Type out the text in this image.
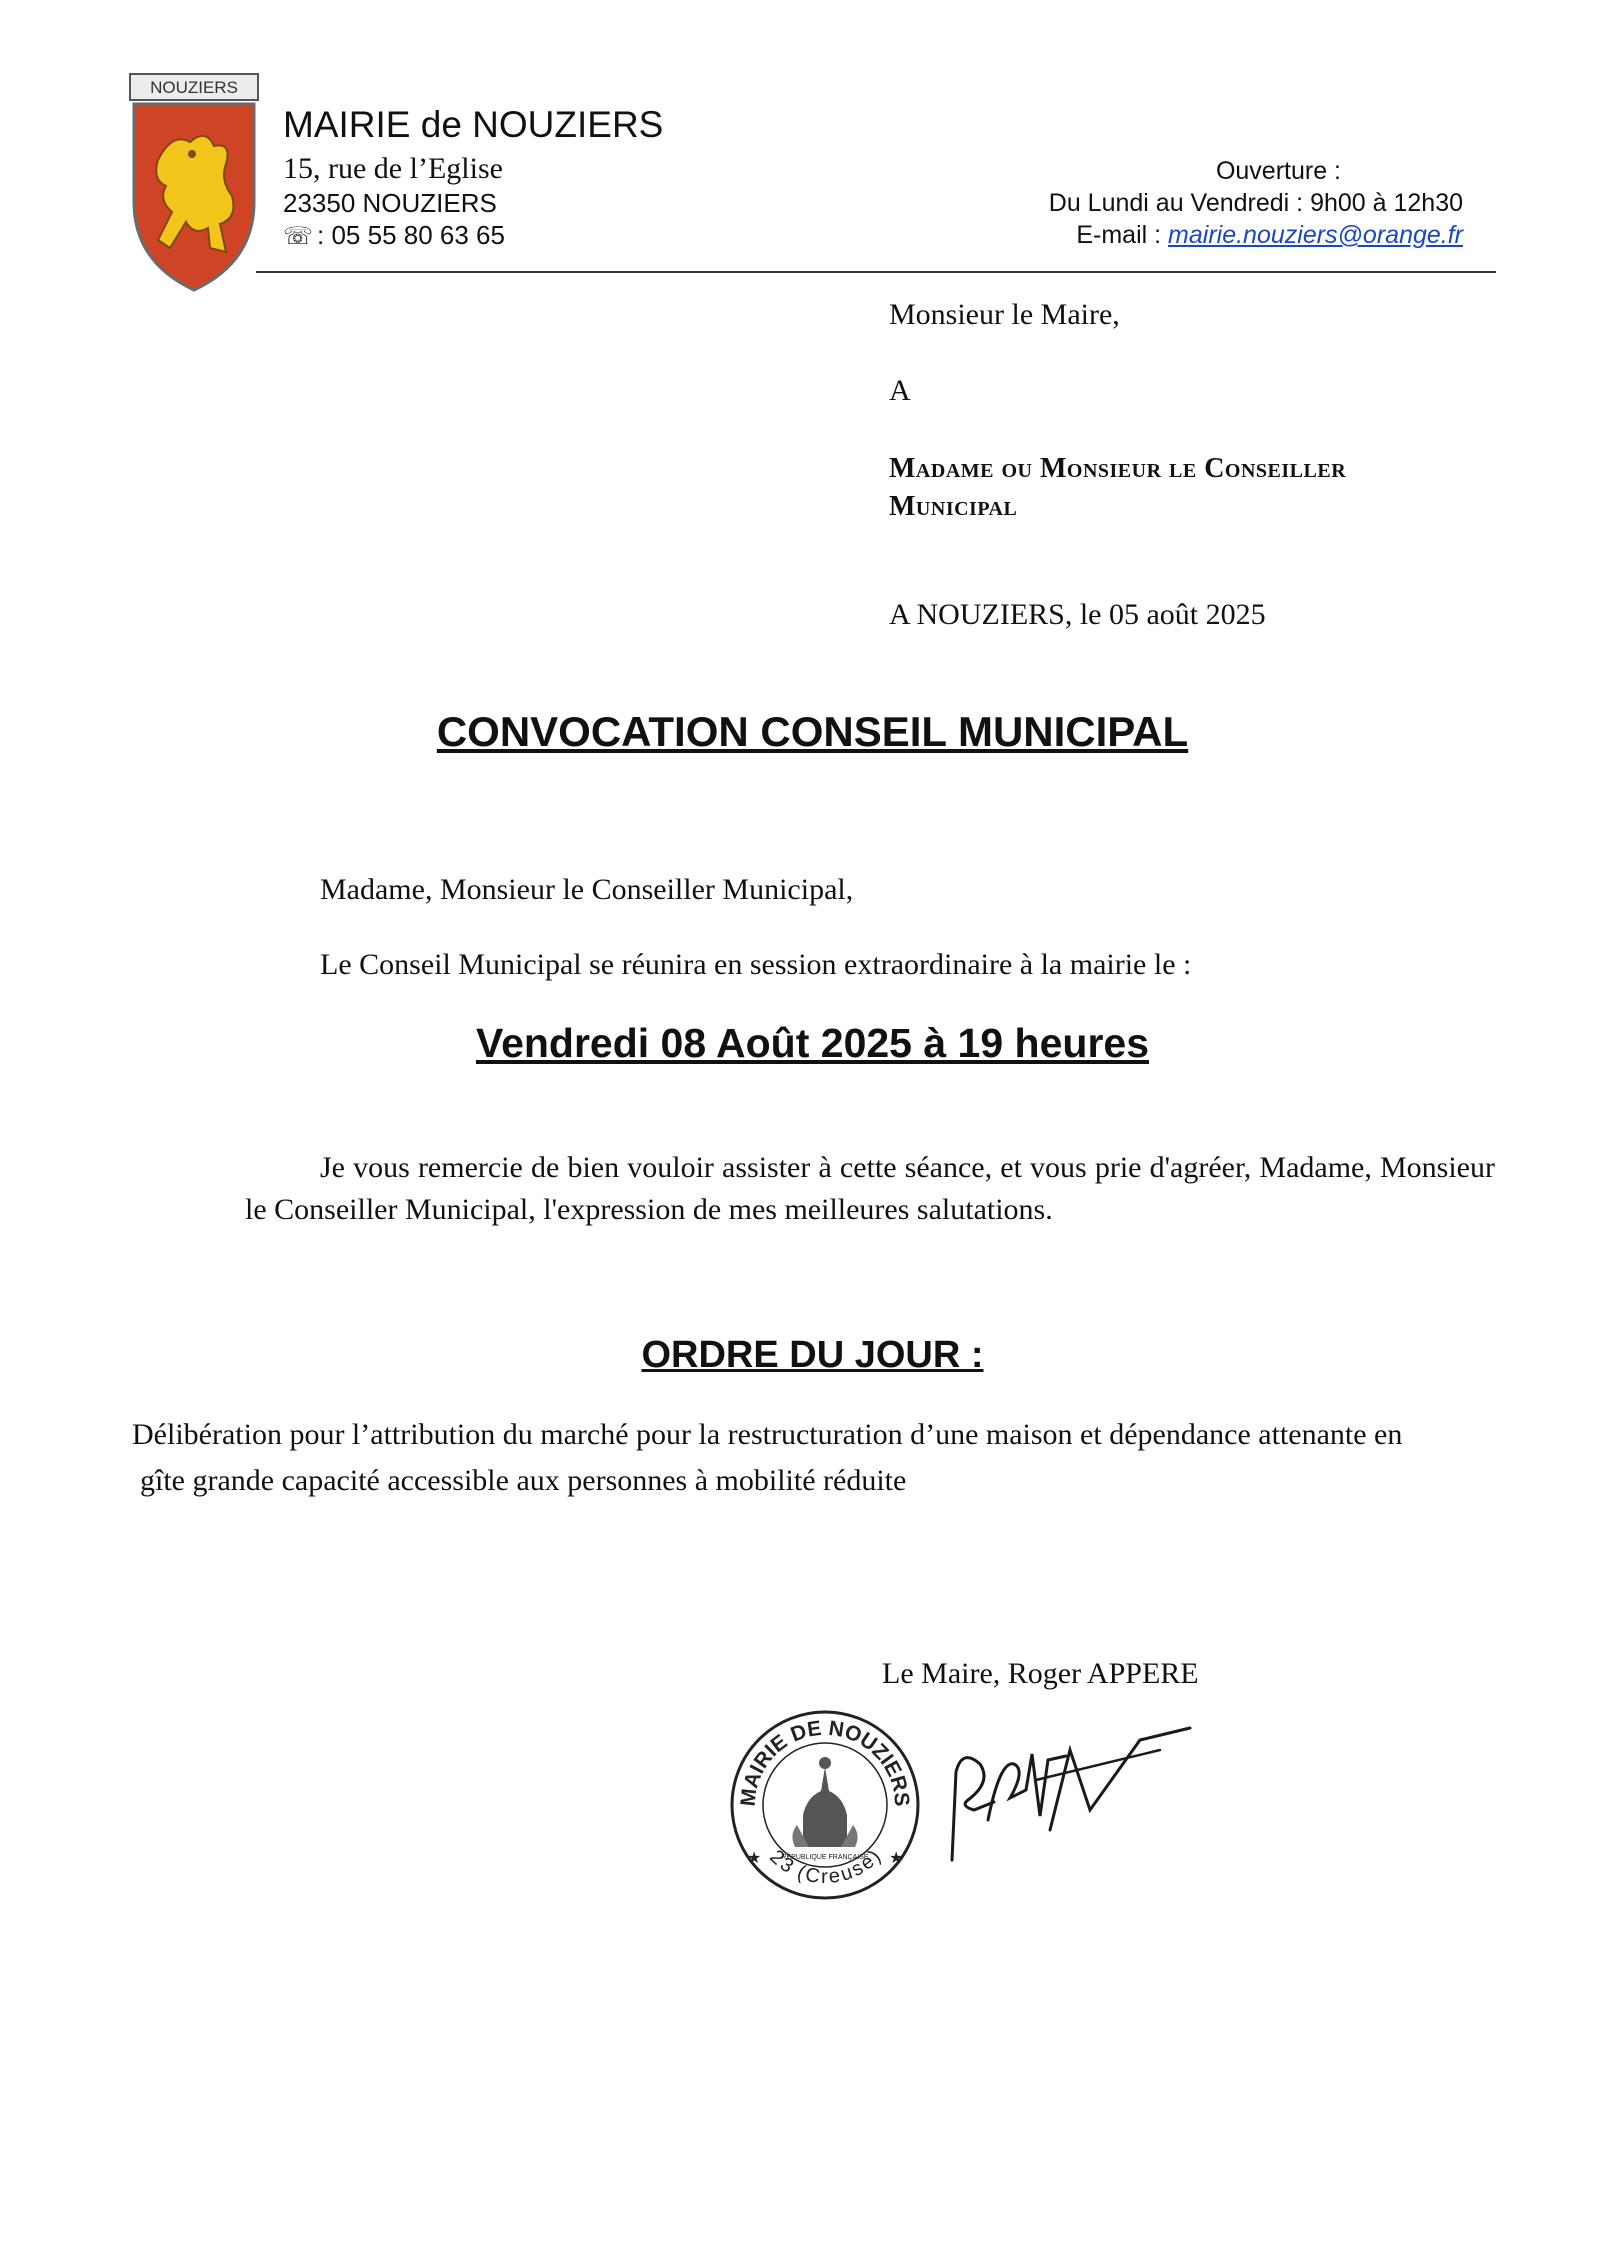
NOUZIERS
MAIRIE de NOUZIERS
15, rue de l’Eglise
23350 NOUZIERS
☏ : 05 55 80 63 65
Ouverture :
Du Lundi au Vendredi : 9h00 à 12h30
E-mail : mairie.nouziers@orange.fr
Monsieur le Maire,
A
Madame ou Monsieur le Conseiller
Municipal
A NOUZIERS, le 05 août 2025
CONVOCATION CONSEIL MUNICIPAL
Madame, Monsieur le Conseiller Municipal,
Le Conseil Municipal se réunira en session extraordinaire à la mairie le :
Vendredi 08 Août 2025 à 19 heures
Je vous remercie de bien vouloir assister à cette séance, et vous prie d'agréer, Madame, Monsieur le Conseiller Municipal, l'expression de mes meilleures salutations.
ORDRE DU JOUR :
Délibération pour l’attribution du marché pour la restructuration d’une maison et dépendance attenante en
gîte grande capacité accessible aux personnes à mobilité réduite
Le Maire, Roger APPERE
MAIRIE DE NOUZIERS
RÉPUBLIQUE FRANÇAISE
23 (Creuse)
★	★
